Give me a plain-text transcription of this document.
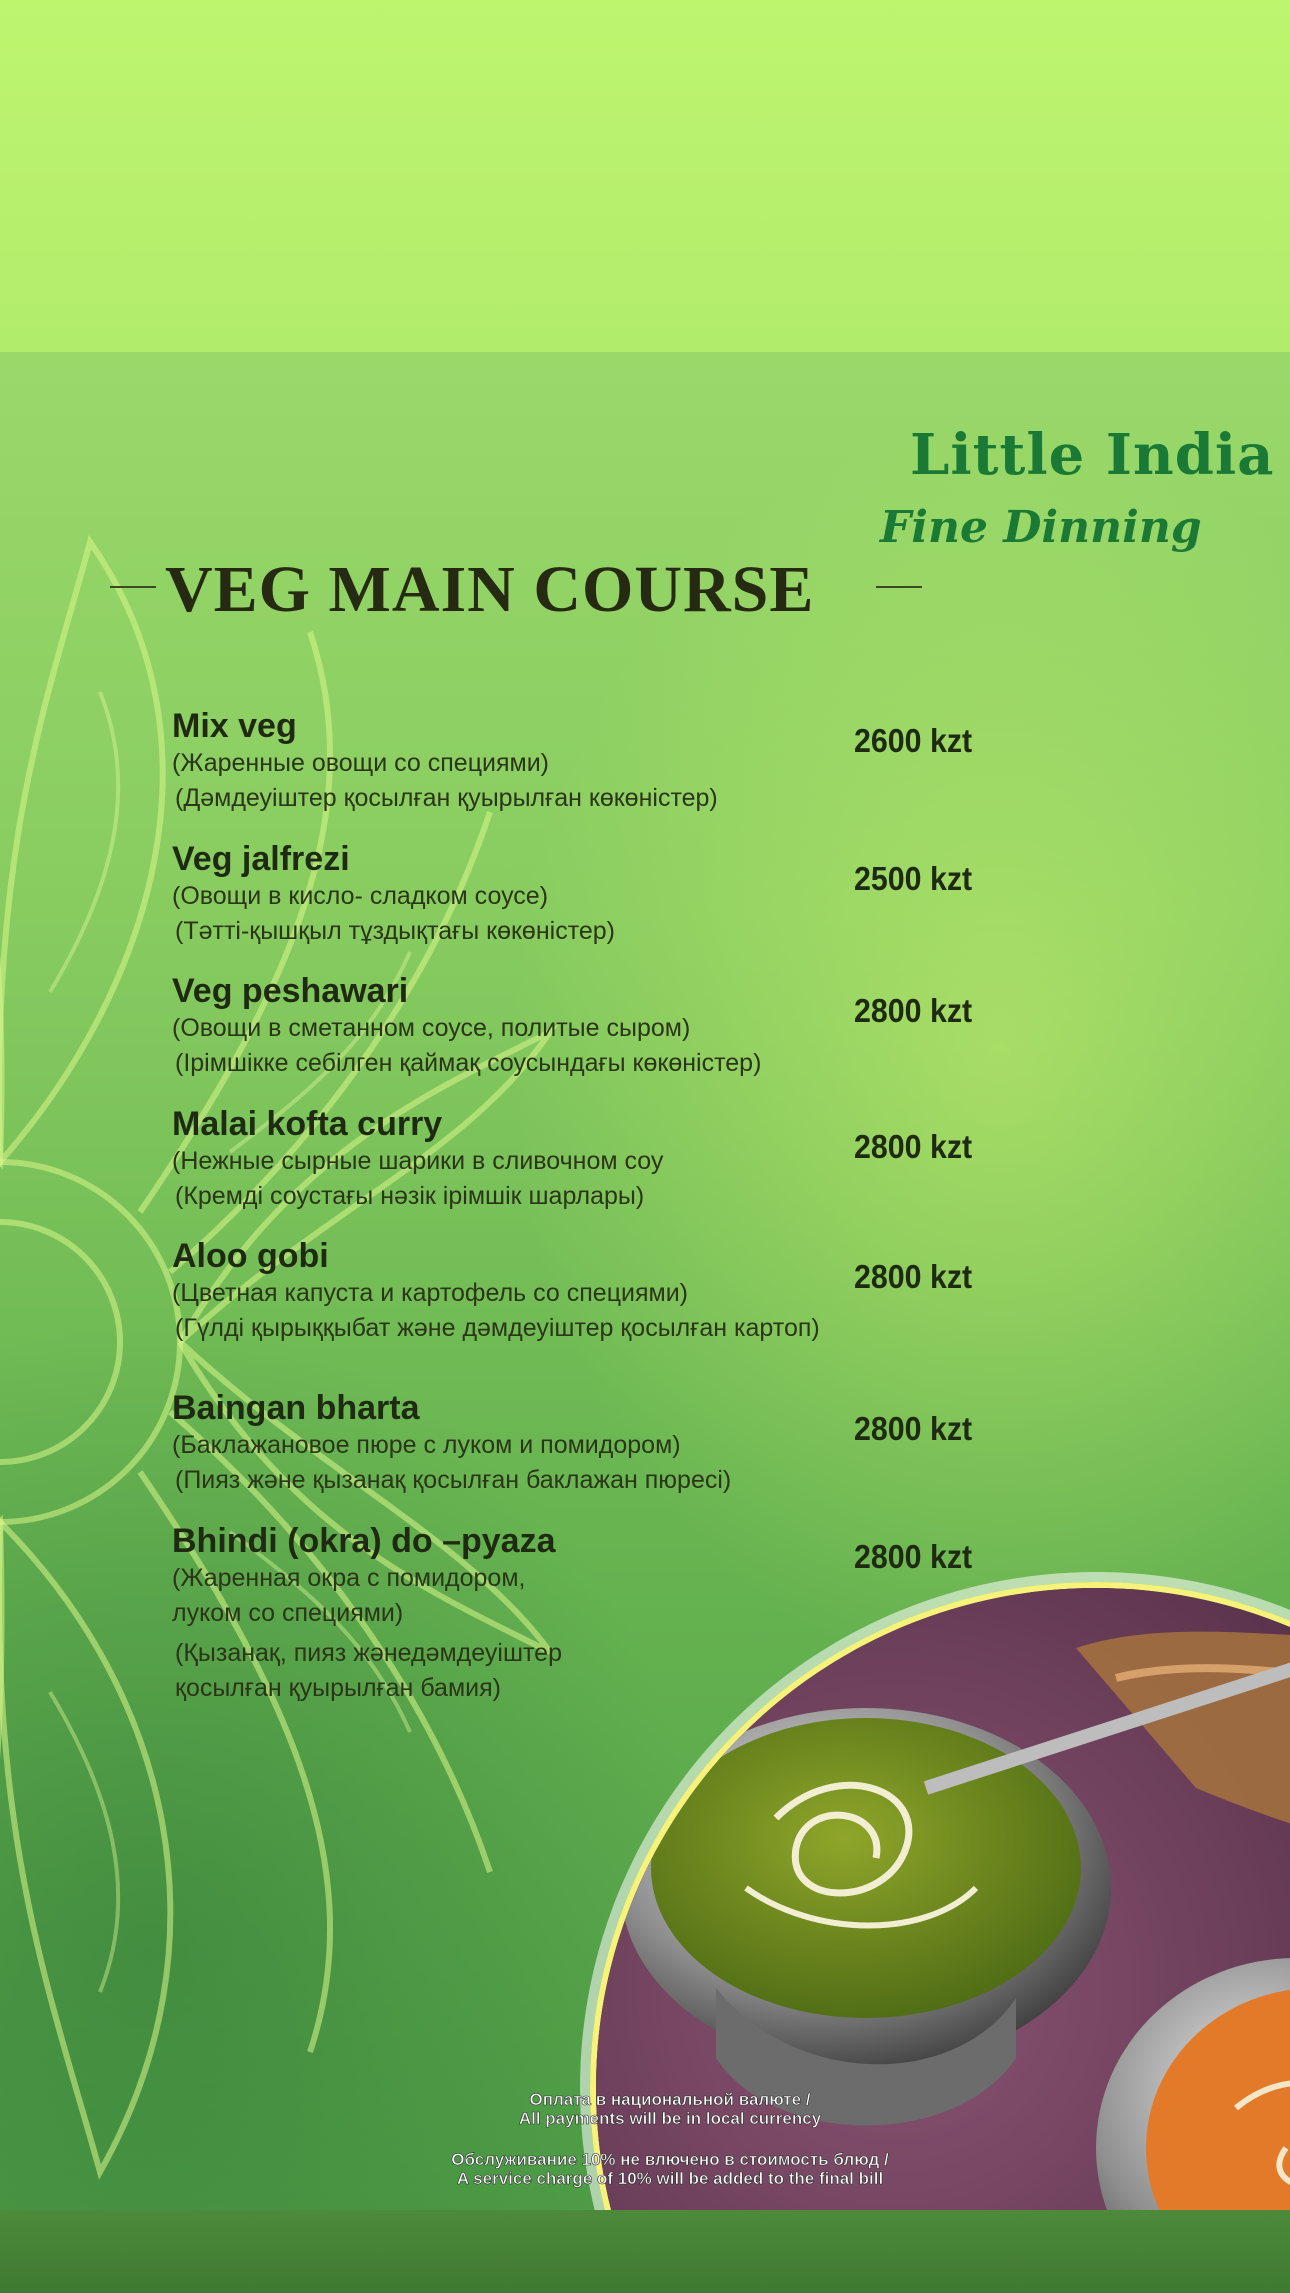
Little India
Fine Dinning
VEG MAIN COURSE
Mix veg
(Жаренные овощи со специями)
(Дәмдеуіштер қосылған қуырылған көкөністер)
2600 kzt
Veg jalfrezi
(Овощи в кисло- сладком соусе)
(Тәтті-қышқыл тұздықтағы көкөністер)
2500 kzt
Veg peshawari
(Овощи в сметанном соусе, политые сыром)
(Ірімшікке себілген қаймақ соусындағы көкөністер)
2800 kzt
Malai kofta curry
(Нежные сырные шарики в сливочном соу
(Кремді соустағы нәзік ірімшік шарлары)
2800 kzt
Aloo gobi
(Цветная капуста и картофель со специями)
(Гүлді қырыққыбат және дәмдеуіштер қосылған картоп)
2800 kzt
Baingan bharta
(Баклажановое пюре с луком и помидором)
(Пияз және қызанақ қосылған баклажан пюресі)
2800 kzt
Bhindi (okra) do –pyaza
(Жаренная окра с помидором,
луком со специями)
(Қызанақ, пияз жәнедәмдеуіштер
қосылған қуырылған бамия)
2800 kzt

Оплата в национальной валюте /

All payments will be in local currency

Обслуживание 10% не влючено в стоимость блюд /

A service charge of 10% will be added to the final bill
